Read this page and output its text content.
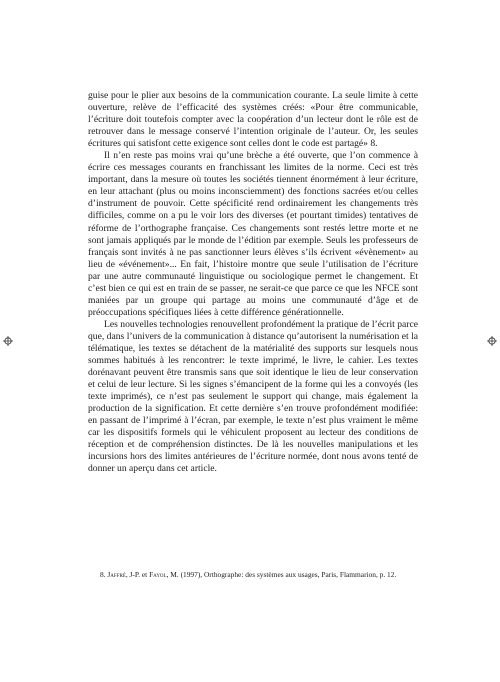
guise pour le plier aux besoins de la communication courante. La seule limite à cette ouverture, relève de l’efficacité des systèmes créés: «Pour être communicable, l’écriture doit toutefois compter avec la coopération d’un lecteur dont le rôle est de retrouver dans le message conservé l’intention originale de l’auteur. Or, les seules écritures qui satisfont cette exigence sont celles dont le code est partagé» 8.

Il n’en reste pas moins vrai qu’une brèche a été ouverte, que l’on commence à écrire ces messages courants en franchissant les limites de la norme. Ceci est très important, dans la mesure où toutes les sociétés tiennent énormément à leur écriture, en leur attachant (plus ou moins inconsciemment) des fonctions sacrées et/ou celles d’instrument de pouvoir. Cette spécificité rend ordinairement les changements très difficiles, comme on a pu le voir lors des diverses (et pourtant timides) tentatives de réforme de l’orthographe française. Ces changements sont restés lettre morte et ne sont jamais appliqués par le monde de l’édition par exemple. Seuls les professeurs de français sont invités à ne pas sanctionner leurs élèves s’ils écrivent «évènement» au lieu de «événement»... En fait, l’histoire montre que seule l’utilisation de l’écriture par une autre communauté linguistique ou sociologique permet le changement. Et c’est bien ce qui est en train de se passer, ne serait-ce que parce ce que les NFCE sont maniées par un groupe qui partage au moins une communauté d’âge et de préoccupations spécifiques liées à cette différence générationnelle.

Les nouvelles technologies renouvellent profondément la pratique de l’écrit parce que, dans l’univers de la communication à distance qu’autorisent la numérisation et la télématique, les textes se détachent de la matérialité des supports sur lesquels nous sommes habitués à les rencontrer: le texte imprimé, le livre, le cahier. Les textes dorénavant peuvent être transmis sans que soit identique le lieu de leur conservation et celui de leur lecture. Si les signes s’émancipent de la forme qui les a convoyés (les texte imprimés), ce n’est pas seulement le support qui change, mais également la production de la signification. Et cette dernière s’en trouve profondément modifiée: en passant de l’imprimé à l’écran, par exemple, le texte n’est plus vraiment le même car les dispositifs formels qui le véhiculent proposent au lecteur des conditions de réception et de compréhension distinctes. De là les nouvelles manipulations et les incursions hors des limites antérieures de l’écriture normée, dont nous avons tenté de donner un aperçu dans cet article.

8. Jaffré, J-P. et Fayol, M. (1997), Orthographe: des systèmes aux usages, Paris, Flammarion, p. 12.
